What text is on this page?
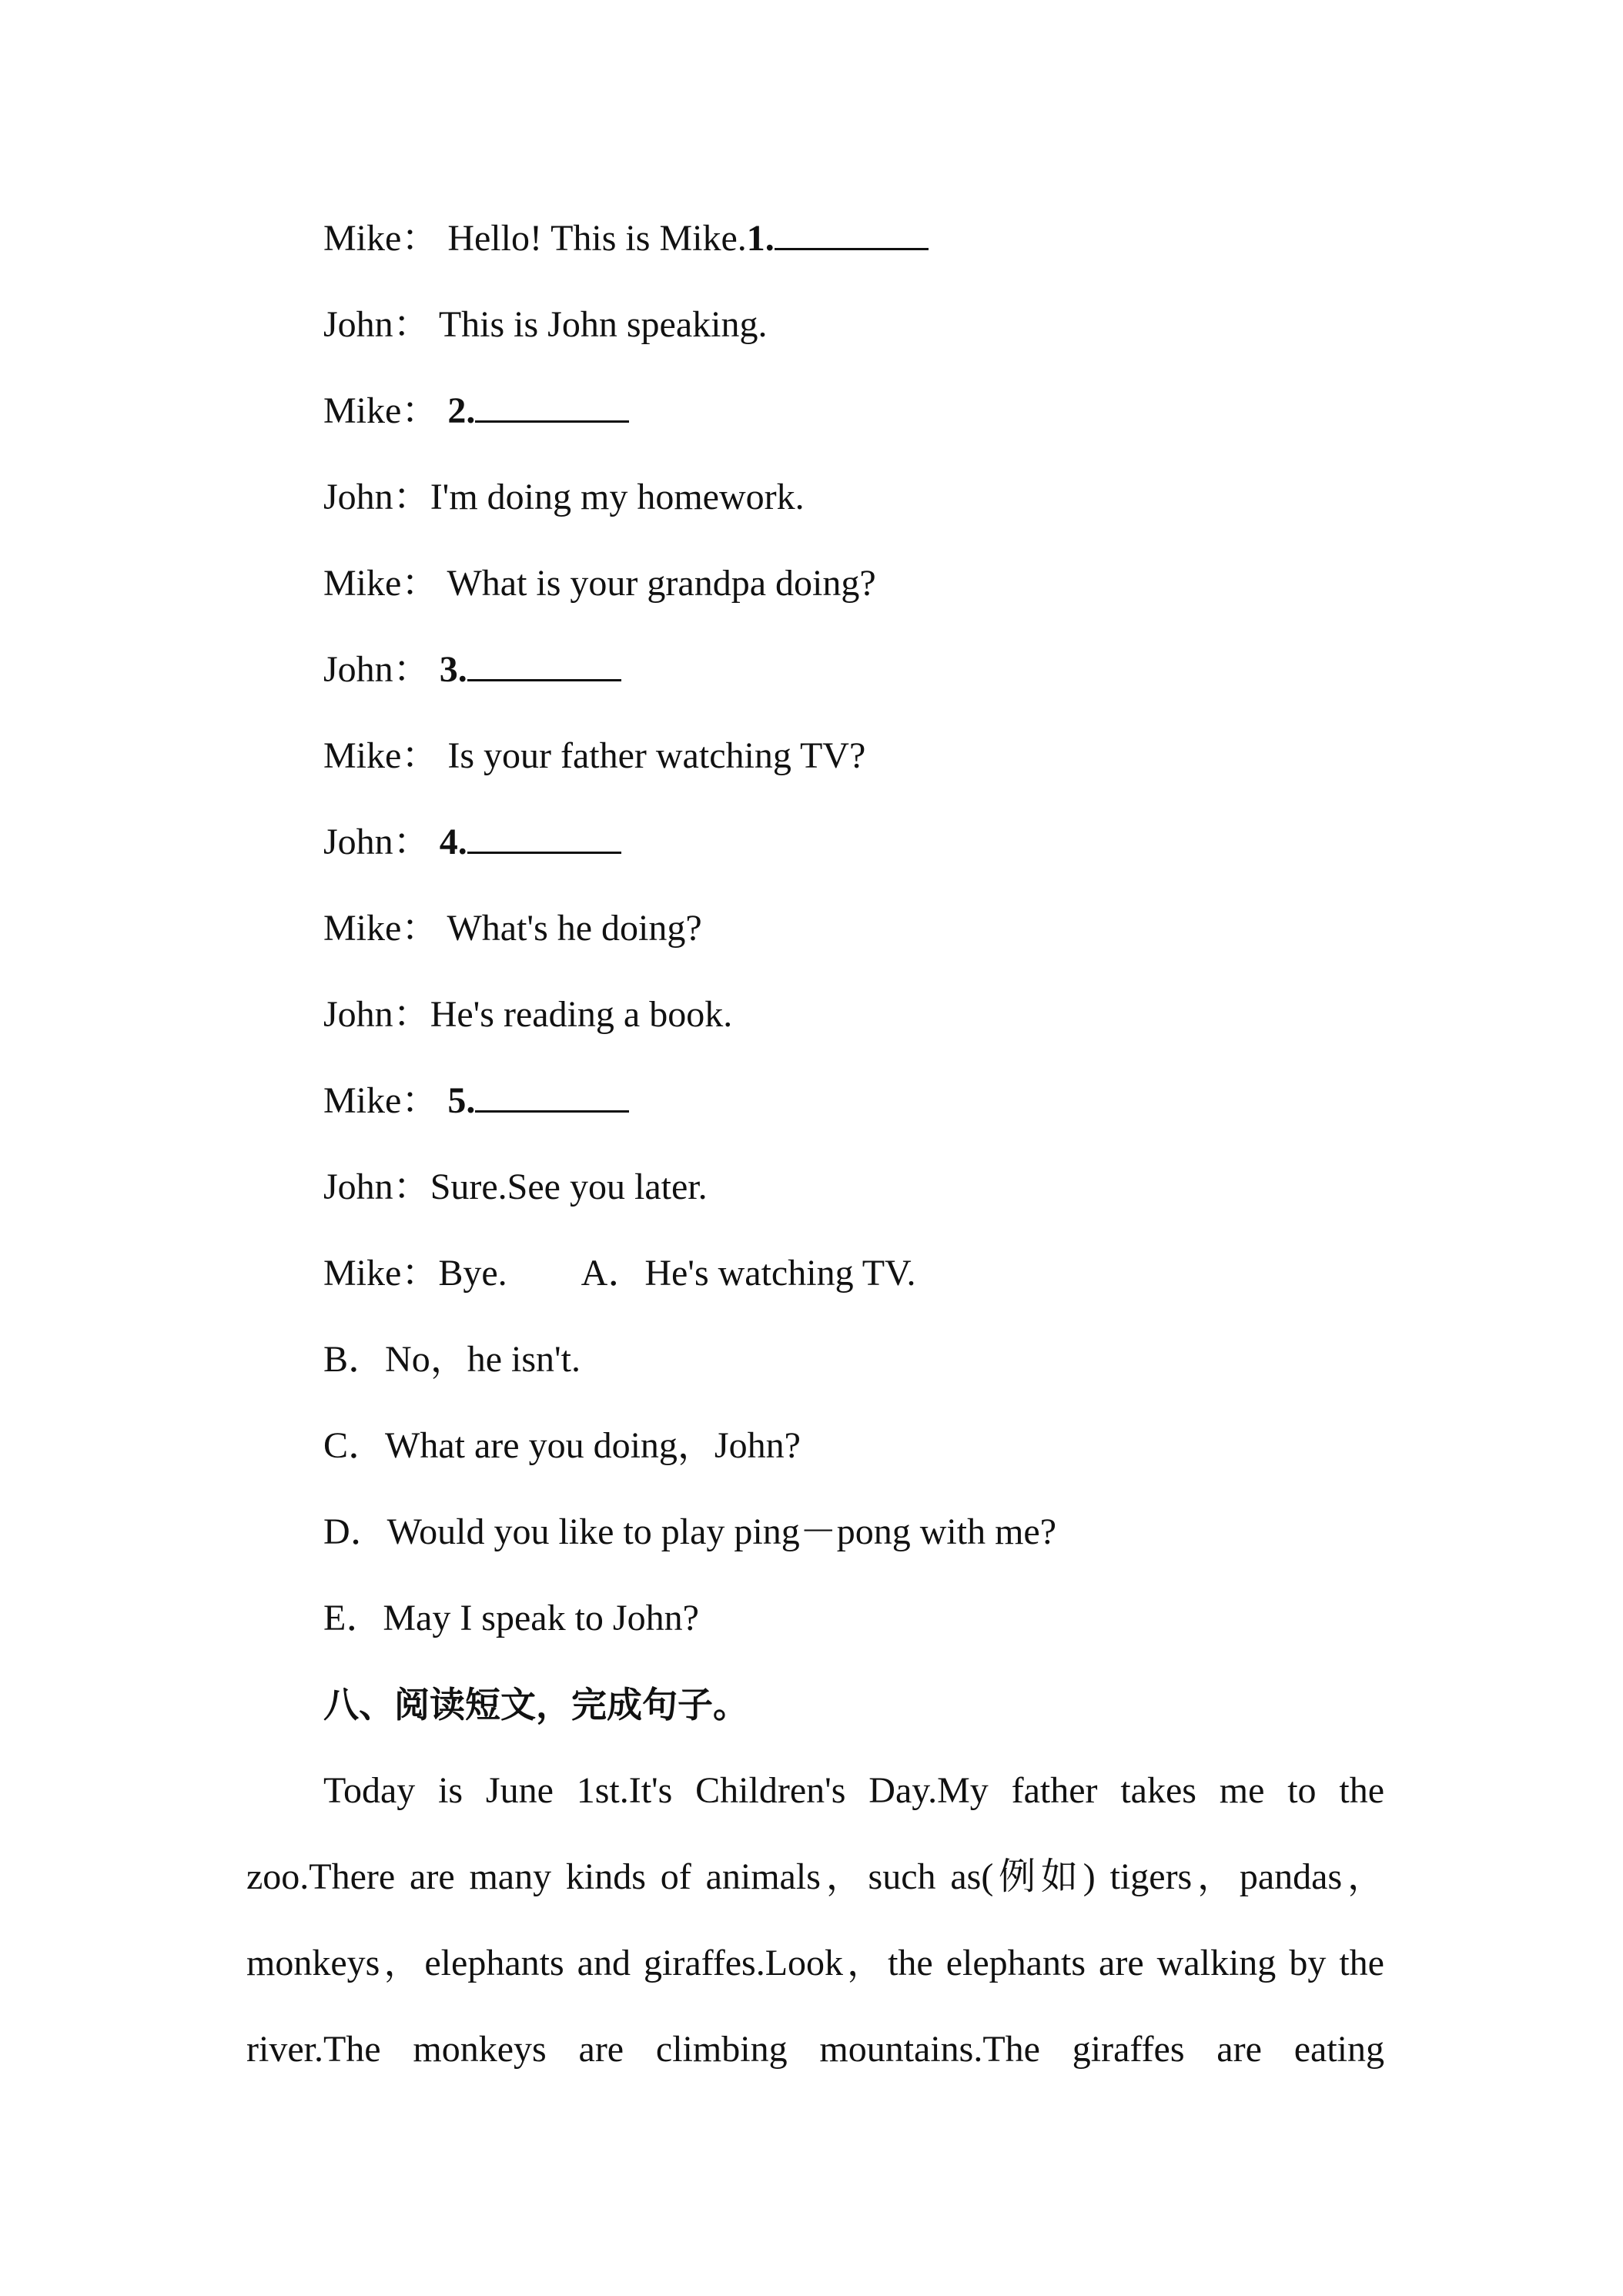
Mike： Hello! This is Mike.1.
John： This is John speaking.
Mike： 2.
John：I'm doing my homework.
Mike： What is your grandpa doing?
John： 3.
Mike： Is your father watching TV?
John： 4.
Mike： What's he doing?
John：He's reading a book.
Mike： 5.
John：Sure.See you later.
Mike：Bye. A．He's watching TV.
B．No，he isn't.
C．What are you doing，John?
D．Would you like to play ping－pong with me?
E．May I speak to John?
八、阅读短文，完成句子。
Today is June 1st.It's Children's Day.My father takes me to the
zoo.There are many kinds of animals，such as(例如) tigers，pandas，
monkeys，elephants and giraffes.Look，the elephants are walking by the
river.The monkeys are climbing mountains.The giraffes are eating
